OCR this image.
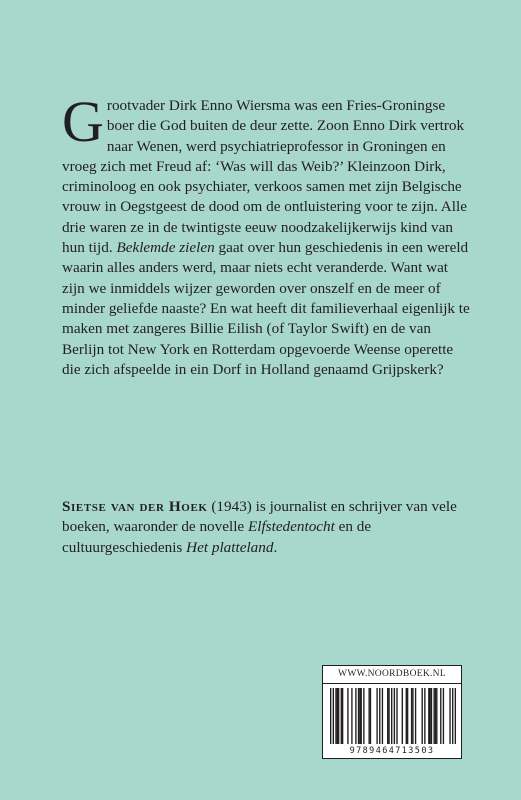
Grootvader Dirk Enno Wiersma was een Fries-Groningse boer die God buiten de deur zette. Zoon Enno Dirk vertrok naar Wenen, werd psychiatrieprofessor in Groningen en vroeg zich met Freud af: ‘Was will das Weib?’ Kleinzoon Dirk, criminoloog en ook psychiater, verkoos samen met zijn Belgische vrouw in Oegstgeest de dood om de ontluistering voor te zijn. Alle drie waren ze in de twintigste eeuw noodzakelijkerwijs kind van hun tijd. Beklemde zielen gaat over hun geschiedenis in een wereld waarin alles anders werd, maar niets echt veranderde. Want wat zijn we inmiddels wijzer geworden over onszelf en de meer of minder geliefde naaste? En wat heeft dit familieverhaal eigenlijk te maken met zangeres Billie Eilish (of Taylor Swift) en de van Berlijn tot New York en Rotterdam opgevoerde Weense operette die zich afspeelde in ein Dorf in Holland genaamd Grijpskerk?

Sietse van der Hoek (1943) is journalist en schrijver van vele boeken, waaronder de novelle Elfstedentocht en de cultuurgeschiedenis Het platteland.
WWW.NOORDBOEK.NL
9789464713503
